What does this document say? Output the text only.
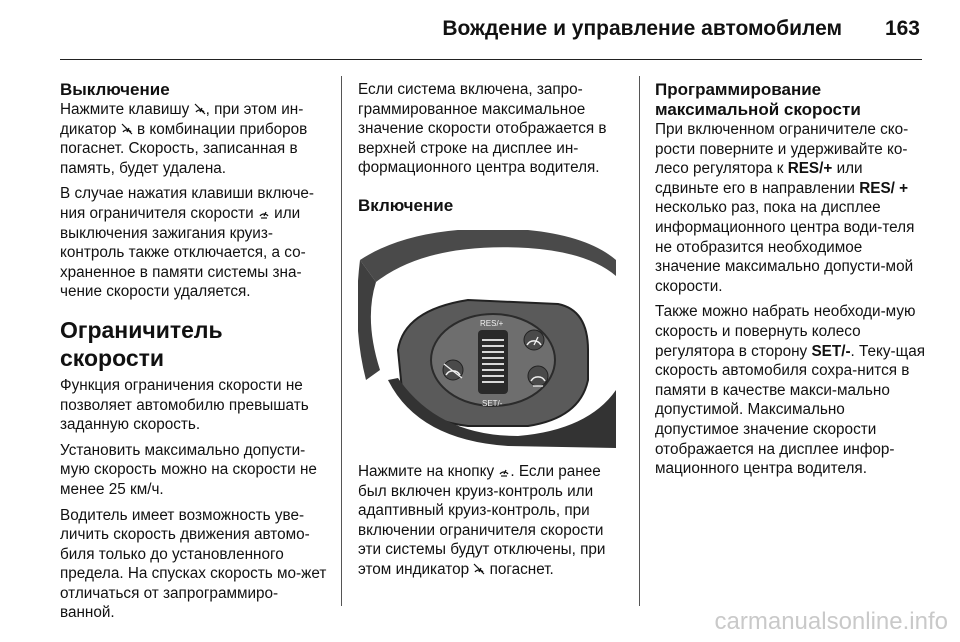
Вождение и управление автомобилем 163
Выключение

Нажмите клавишу , при этом ин-дикатор  в комбинации приборов погаснет. Скорость, записанная в память, будет удалена.

В случае нажатия клавиши включе-ния ограничителя скорости  или выключения зажигания круиз-контроль также отключается, а со-храненное в памяти системы зна-чение скорости удаляется.

Ограничитель скорости

Функция ограничения скорости не позволяет автомобилю превышать заданную скорость.

Установить максимально допусти-мую скорость можно на скорости не менее 25 км/ч.

Водитель имеет возможность уве-личить скорость движения автомо-биля только до установленного предела. На спусках скорость мо-жет отличаться от запрограммиро-ванной.

Если система включена, запро-граммированное максимальное значение скорости отображается в верхней строке на дисплее ин-формационного центра водителя.

Включение
RES/+
SET/-

Нажмите на кнопку . Если ранее был включен круиз-контроль или адаптивный круиз-контроль, при включении ограничителя скорости эти системы будут отключены, при этом индикатор  погаснет.

Программирование максимальной скорости

При включенном ограничителе ско-рости поверните и удерживайте ко-лесо регулятора к RES/+ или сдвиньте его в направлении RES/ + несколько раз, пока на дисплее информационного центра води-теля не отобразится необходимое значение максимально допусти-мой скорости.

Также можно набрать необходи-мую скорость и повернуть колесо регулятора в сторону SET/-. Теку-щая скорость автомобиля сохра-нится в памяти в качестве макси-мально допустимой. Максимально допустимое значение скорости отображается на дисплее инфор-мационного центра водителя.

carmanualsonline.info
